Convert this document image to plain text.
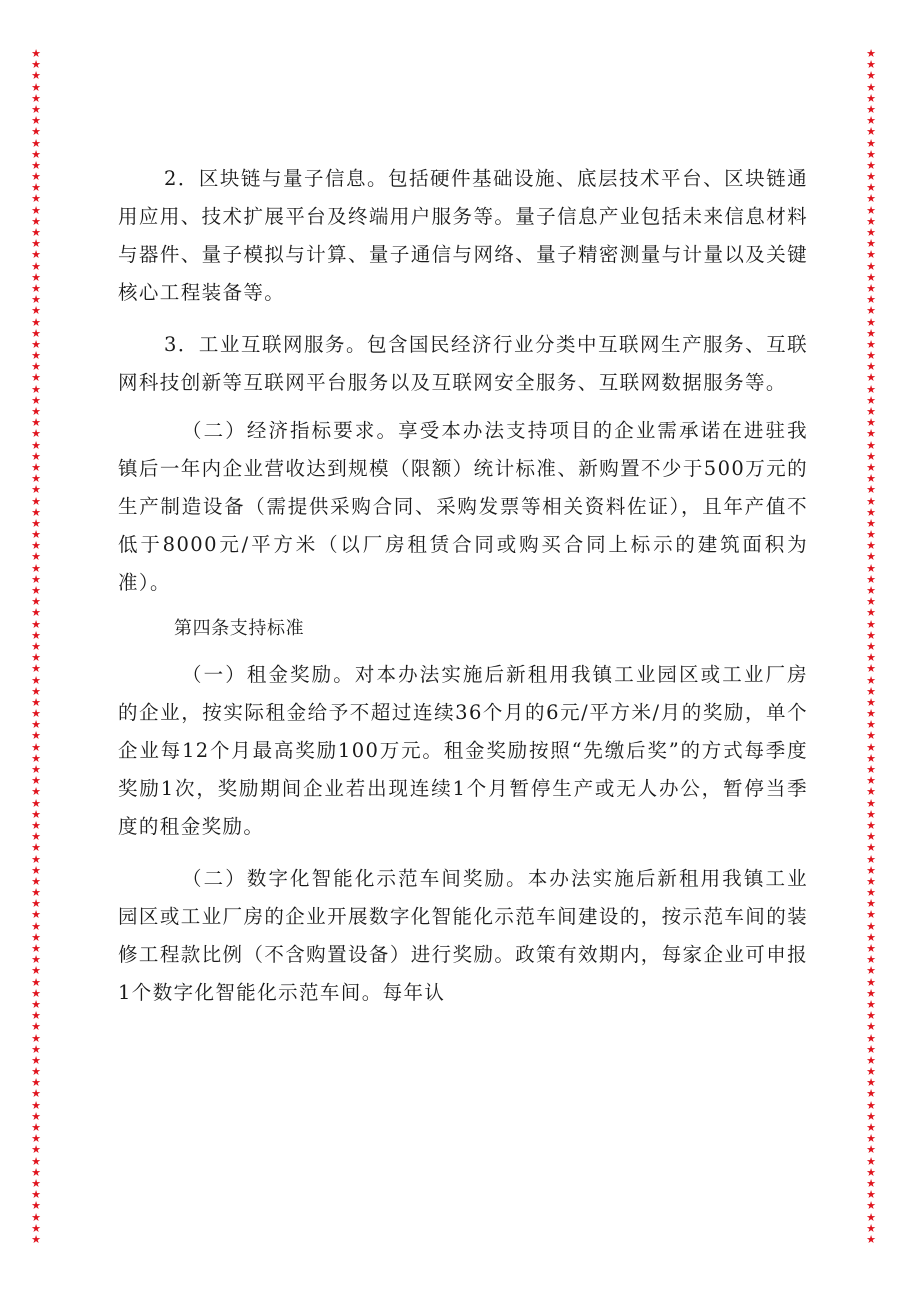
★
★
★
★
★
★
★
★
★
★
★
★
★
★
★
★
★
★
★
★
★
★
★
★
★
★
★
★
★
★
★
★
★
★
★
★
★
★
★
★
★
★
★
★
★
★
★
★
★
★
★
★
★
★
★
★
★
★
★
★
★
★
★
★
★
★
★
★
★
★
★
★
★
★
★
★
★
★
★
★
★
★
★
★
★
★
★
★
★
★
★
★
★
★
★
★
★
★
★
★
★
★
★
★
★
★
★
★
★
★
★
★
★
★
★
★
★
★
★
★
★
★
★
★
★
★
★
★
★
★
★
★
★
★
★
★
★
★
★
★
★
★
★
★
★
★
★
★
★
★
★
★
★
★
★
★
★
★
★
★
★
★
★
★
★
★
★
★
★
★
★
★
★
★
★
★
★
★
★
★
★
★
★
★
★
★
★
★
★
★
★
★
★
★
★
★
★
★
★
★
★
★
★
★
★
★
★
★
★
★
★
★
★
★

2．区块链与量子信息。包括硬件基础设施、底层技术平台、区块链通用应用、技术扩展平台及终端用户服务等。量子信息产业包括未来信息材料与器件、量子模拟与计算、量子通信与网络、量子精密测量与计量以及关键核心工程装备等。

3．工业互联网服务。包含国民经济行业分类中互联网生产服务、互联网科技创新等互联网平台服务以及互联网安全服务、互联网数据服务等。

（二）经济指标要求。享受本办法支持项目的企业需承诺在进驻我镇后一年内企业营收达到规模（限额）统计标准、新购置不少于500万元的生产制造设备（需提供采购合同、采购发票等相关资料佐证），且年产值不低于8000元/平方米（以厂房租赁合同或购买合同上标示的建筑面积为准）。

第四条支持标准

（一）租金奖励。对本办法实施后新租用我镇工业园区或工业厂房的企业，按实际租金给予不超过连续36个月的6元/平方米/月的奖励，单个企业每12个月最高奖励100万元。租金奖励按照“先缴后奖”的方式每季度奖励1次，奖励期间企业若出现连续1个月暂停生产或无人办公，暂停当季度的租金奖励。

（二）数字化智能化示范车间奖励。本办法实施后新租用我镇工业园区或工业厂房的企业开展数字化智能化示范车间建设的，按示范车间的装修工程款比例（不含购置设备）进行奖励。政策有效期内，每家企业可申报1个数字化智能化示范车间。每年认
